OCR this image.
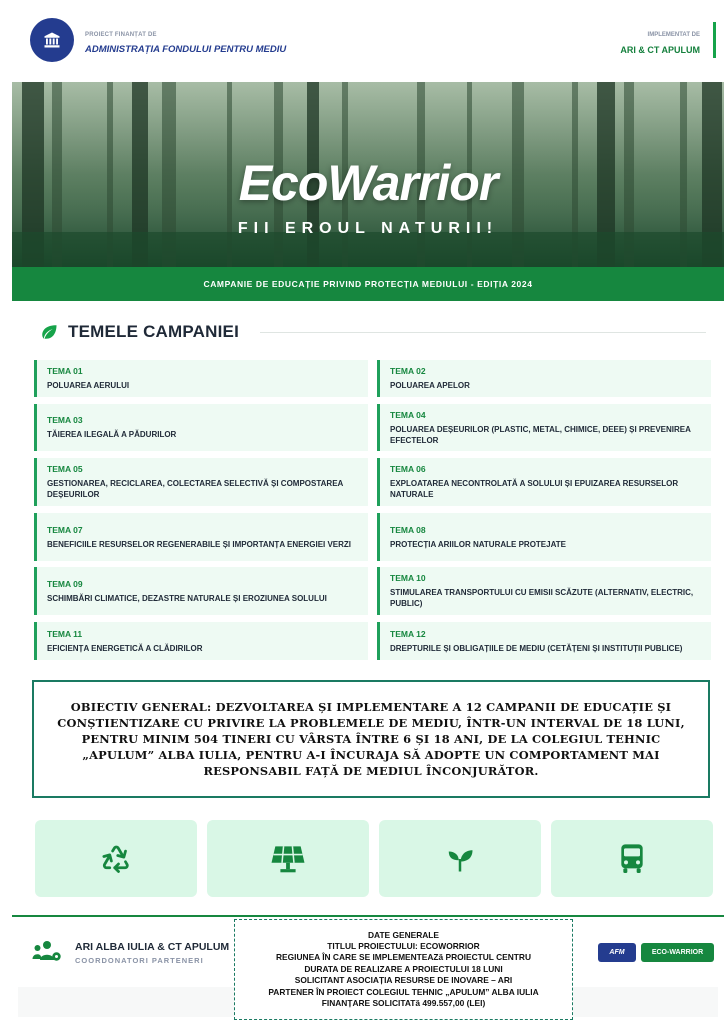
PROIECT FINANȚAT DE
ADMINISTRAȚIA FONDULUI PENTRU MEDIU
IMPLEMENTAT DE
ARI & CT APULUM
EcoWarrior
FII EROUL NATURII!
CAMPANIE DE EDUCAȚIE PRIVIND PROTECȚIA MEDIULUI - EDIȚIA 2024
TEMELE CAMPANIEI
TEMA 01
POLUAREA AERULUI
TEMA 02
POLUAREA APELOR
TEMA 03
TĂIEREA ILEGALĂ A PĂDURILOR
TEMA 04
POLUAREA DEȘEURILOR (PLASTIC, METAL, CHIMICE, DEEE) ȘI PREVENIREA EFECTELOR
TEMA 05
GESTIONAREA, RECICLAREA, COLECTAREA SELECTIVĂ ȘI COMPOSTAREA DEȘEURILOR
TEMA 06
EXPLOATAREA NECONTROLATĂ A SOLULUI ȘI EPUIZAREA RESURSELOR NATURALE
TEMA 07
BENEFICIILE RESURSELOR REGENERABILE ȘI IMPORTANȚA ENERGIEI VERZI
TEMA 08
PROTECȚIA ARIILOR NATURALE PROTEJATE
TEMA 09
SCHIMBĂRI CLIMATICE, DEZASTRE NATURALE ȘI EROZIUNEA SOLULUI
TEMA 10
STIMULAREA TRANSPORTULUI CU EMISII SCĂZUTE (ALTERNATIV, ELECTRIC, PUBLIC)
TEMA 11
EFICIENȚA ENERGETICĂ A CLĂDIRILOR
TEMA 12
DREPTURILE ȘI OBLIGAȚIILE DE MEDIU (CETĂȚENI ȘI INSTITUȚII PUBLICE)

OBIECTIV GENERAL: DEZVOLTAREA ȘI IMPLEMENTARE A 12 CAMPANII DE EDUCAȚIE ȘI CONȘTIENTIZARE CU PRIVIRE LA PROBLEMELE DE MEDIU, ÎNTR-UN INTERVAL DE 18 LUNI, PENTRU MINIM 504 TINERI CU VÂRSTA ÎNTRE 6 ȘI 18 ANI, DE LA COLEGIUL TEHNIC „APULUM” ALBA IULIA, PENTRU A-I ÎNCURAJA SĂ ADOPTE UN COMPORTAMENT MAI RESPONSABIL FAȚĂ DE MEDIUL ÎNCONJURĂTOR.

ARI ALBA IULIA & CT APULUM
COORDONATORI PARTENERI
DATE GENERALE
TITLUL PROIECTULUI: ECOWORRIOR
REGIUNEA ÎN CARE SE IMPLEMENTEAZă PROIECTUL CENTRU
DURATA DE REALIZARE A PROIECTULUI 18 LUNI
SOLICITANT ASOCIAȚIA RESURSE DE INOVARE – ARI
PARTENER ÎN PROIECT COLEGIUL TEHNIC „APULUM” ALBA IULIA
FINANȚARE SOLICITATă 499.557,00 (LEI)
AFM	ECO-WARRIOR
